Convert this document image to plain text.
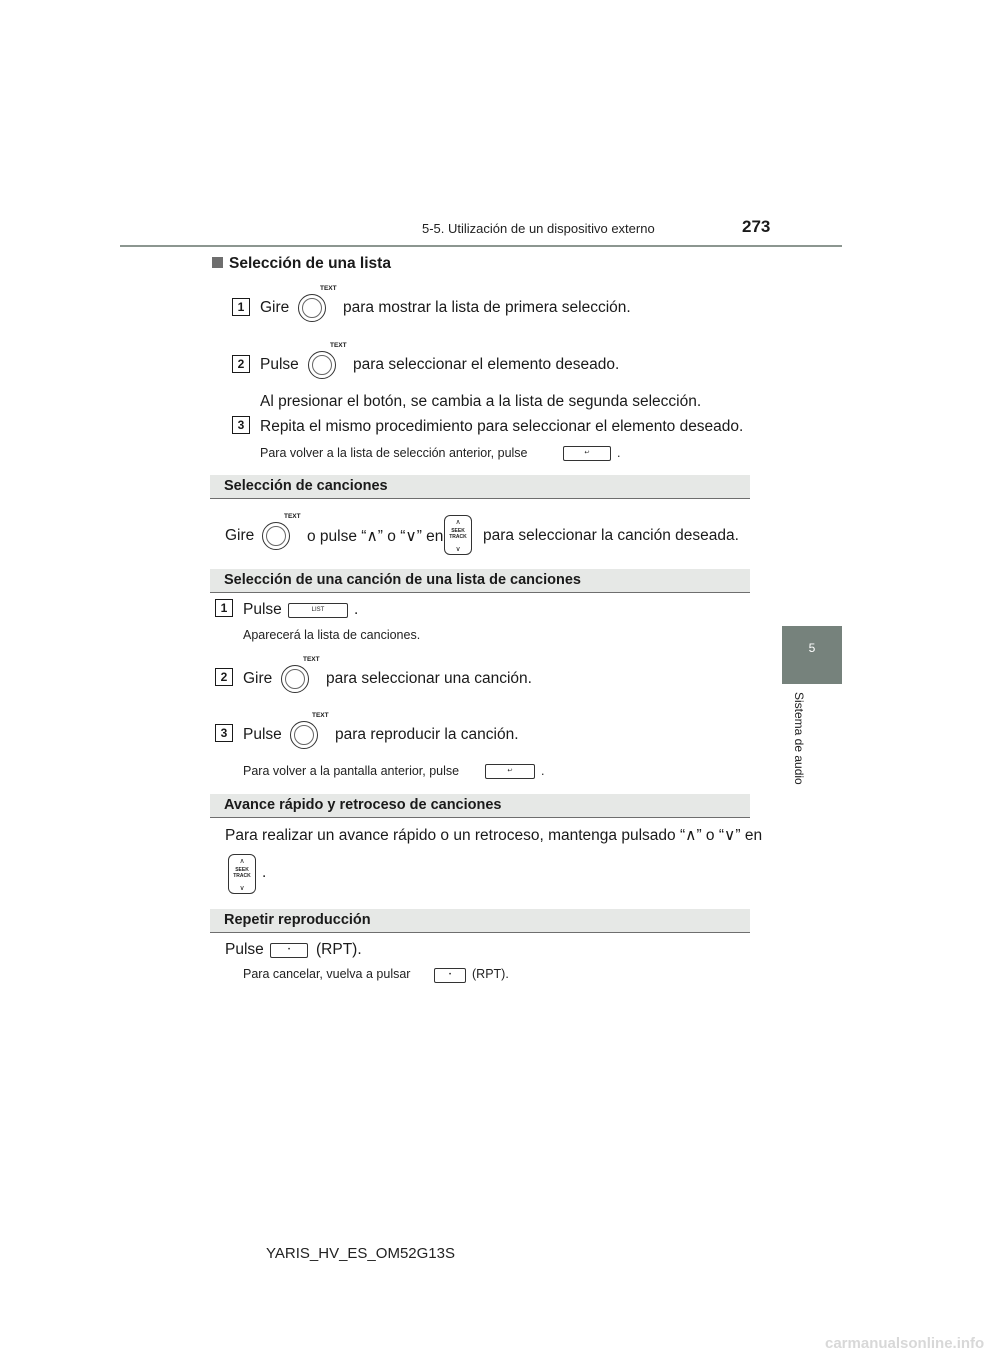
5-5. Utilización de un dispositivo externo	273
5
Sistema de audio
Selección de una lista
1	Gire
TEXT
para mostrar la lista de primera selección.
2	Pulse
TEXT
para seleccionar el elemento deseado.
Al presionar el botón, se cambia a la lista de segunda selección.
3	Repita el mismo procedimiento para seleccionar el elemento deseado.
Para volver a la lista de selección anterior, pulse	↩	.
Selección de canciones
Gire
TEXT
o pulse “∧” o “∨” en
∧
SEEK TRACK
∨
para seleccionar la canción deseada.
Selección de una canción de una lista de canciones
1	Pulse	LIST	.
Aparecerá la lista de canciones.
2	Gire
TEXT
para seleccionar una canción.
3	Pulse
TEXT
para reproducir la canción.
Para volver a la pantalla anterior, pulse	↩	.
Avance rápido y retroceso de canciones
Para realizar un avance rápido o un retroceso, mantenga pulsado “∧” o “∨” en
∧
SEEK TRACK
∨
.
Repetir reproducción
Pulse	•	(RPT).
Para cancelar, vuelva a pulsar	•	(RPT).
YARIS_HV_ES_OM52G13S
carmanualsonline.info
